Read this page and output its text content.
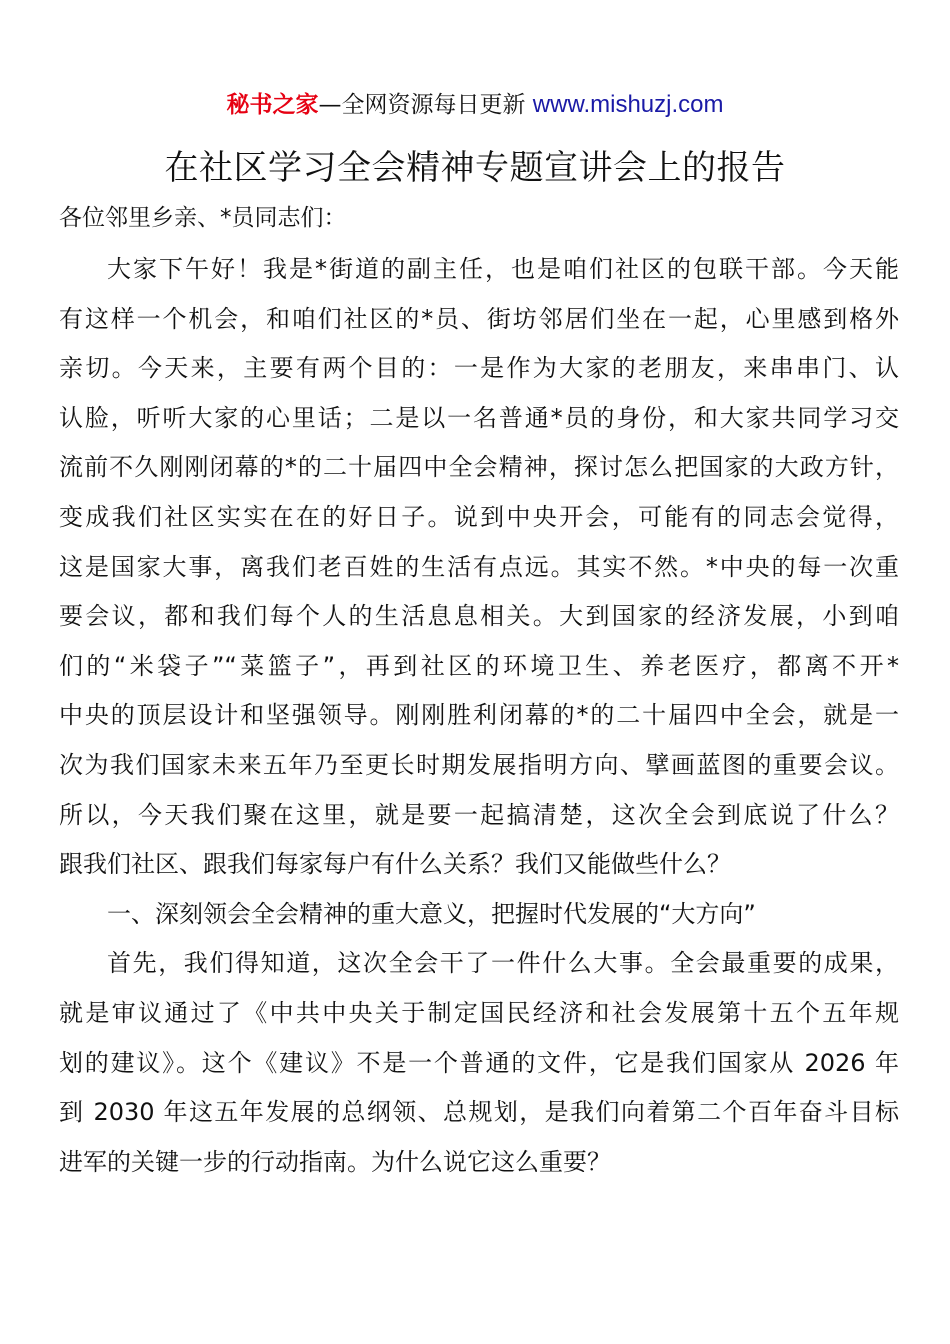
秘书之家—全网资源每日更新 www.mishuzj.com
在社区学习全会精神专题宣讲会上的报告
各位邻里乡亲、*员同志们：
大家下午好！我是*街道的副主任，也是咱们社区的包联干部。今天能
有这样一个机会，和咱们社区的*员、街坊邻居们坐在一起，心里感到格外
亲切。今天来，主要有两个目的：一是作为大家的老朋友，来串串门、认
认脸，听听大家的心里话；二是以一名普通*员的身份，和大家共同学习交
流前不久刚刚闭幕的*的二十届四中全会精神，探讨怎么把国家的大政方针，
变成我们社区实实在在的好日子。说到中央开会，可能有的同志会觉得，
这是国家大事，离我们老百姓的生活有点远。其实不然。*中央的每一次重
要会议，都和我们每个人的生活息息相关。大到国家的经济发展，小到咱
们的“米袋子”“菜篮子”，再到社区的环境卫生、养老医疗，都离不开*
中央的顶层设计和坚强领导。刚刚胜利闭幕的*的二十届四中全会，就是一
次为我们国家未来五年乃至更长时期发展指明方向、擘画蓝图的重要会议。
所以，今天我们聚在这里，就是要一起搞清楚，这次全会到底说了什么？
跟我们社区、跟我们每家每户有什么关系？我们又能做些什么？
一、深刻领会全会精神的重大意义，把握时代发展的“大方向”
首先，我们得知道，这次全会干了一件什么大事。全会最重要的成果，
就是审议通过了《中共中央关于制定国民经济和社会发展第十五个五年规
划的建议》。这个《建议》不是一个普通的文件，它是我们国家从 2026 年
到 2030 年这五年发展的总纲领、总规划，是我们向着第二个百年奋斗目标
进军的关键一步的行动指南。为什么说它这么重要？
